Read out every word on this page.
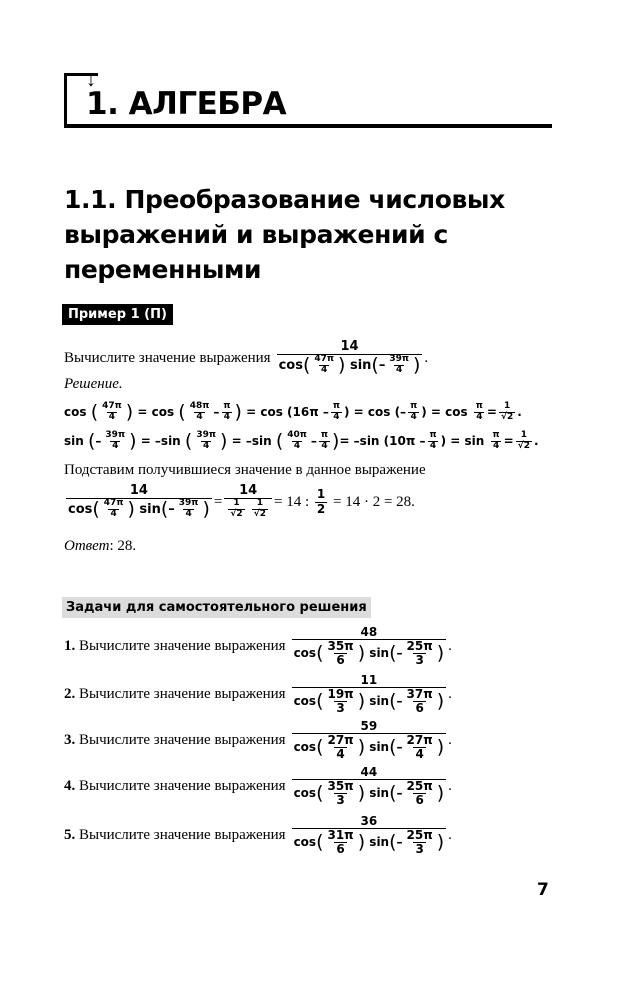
↓
1. АЛГЕБРА
1.1. Преобразование числовых выражений и выражений с переменными
Пример 1 (П)
Вычислите значение выражения
14
cos ( 47π
4 )
sin ( – 39π
4 ) .
Решение.
cos
( 47π
4 )
= cos
( 48π
4 – π
4 )
= cos (16π – π
4 ) = cos (– π
4 ) = cos
$\frac{\pi}{4} = \frac{1}{√2}$ .
sin
( – 39π
4 )
= –sin
( 39π
4 )
= –sin
( 40π
4 – π
4 ) = –sin (10π – π
4 ) = sin
$\frac{\pi}{4} = \frac{1}{√2}$ .
Подставим получившиеся значение в данное выражение
14
cos ( 47π
4 )
sin ( – 39π
4 ) =
14
1
√2

1
√2
= 14 :
$\frac{1}{2}$
= 14 · 2 = 28.
Ответ : 28.
Задачи для самостоятельного решения
1.
Вычислите значение выражения
48
cos ( 35π
6 )
sin ( –
25π
3 ) .
2.
Вычислите значение выражения
11
cos ( 19π
3 )
sin ( –
37π
6 ) .
3.
Вычислите значение выражения
59
cos ( 27π
4 )
sin ( –
27π
4 ) .
4.
Вычислите значение выражения
44
cos ( 35π
3 )
sin ( –
25π
6 ) .
5.
Вычислите значение выражения
36
cos ( 31π
6 )
sin ( –
25π
3 ) .
7
